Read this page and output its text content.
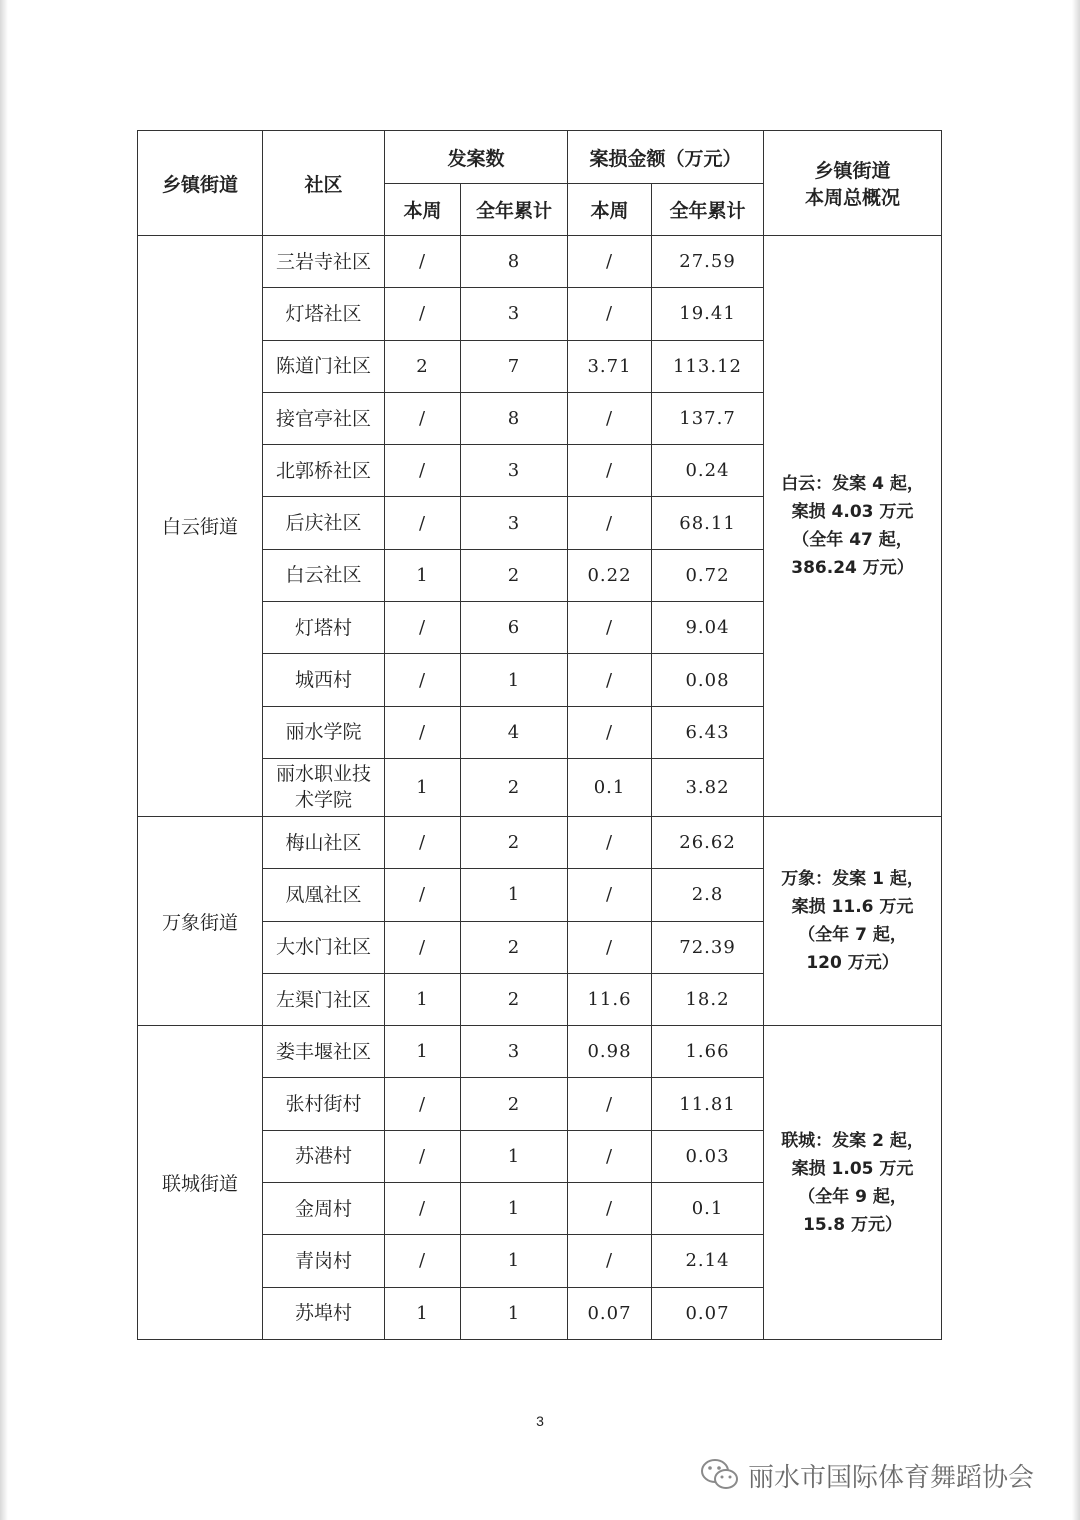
乡镇街道	社区	发案数		案损金额（万元）		乡镇街道
本周总概况

		本周	全年累计	本周	全年累计	
白云街道	三岩寺社区	/	8	/	27.59	白云：发案 4 起，
案损 4.03 万元
（全年 47 起，
386.24 万元）

	灯塔社区	/	3	/	19.41	

	陈道门社区	2	7	3.71	113.12	

	接官亭社区	/	8	/	137.7	

	北郭桥社区	/	3	/	0.24	

	后庆社区	/	3	/	68.11	

	白云社区	1	2	0.22	0.72	

	灯塔村	/	6	/	9.04	

	城西村	/	1	/	0.08	

	丽水学院	/	4	/	6.43	

	丽水职业技
术学院	1	2	0.1	3.82	
万象街道	梅山社区	/	2	/	26.62	万象：发案 1 起，
案损 11.6 万元
（全年 7 起，
120 万元）

	凤凰社区	/	1	/	2.8	

	大水门社区	/	2	/	72.39	

	左渠门社区	1	2	11.6	18.2	
联城街道	娄丰堰社区	1	3	0.98	1.66	联城：发案 2 起，
案损 1.05 万元
（全年 9 起，
15.8 万元）

	张村街村	/	2	/	11.81	

	苏港村	/	1	/	0.03	

	金周村	/	1	/	0.1	

	青岗村	/	1	/	2.14	

	苏埠村	1	1	0.07	0.07	
3
丽水市国际体育舞蹈协会
